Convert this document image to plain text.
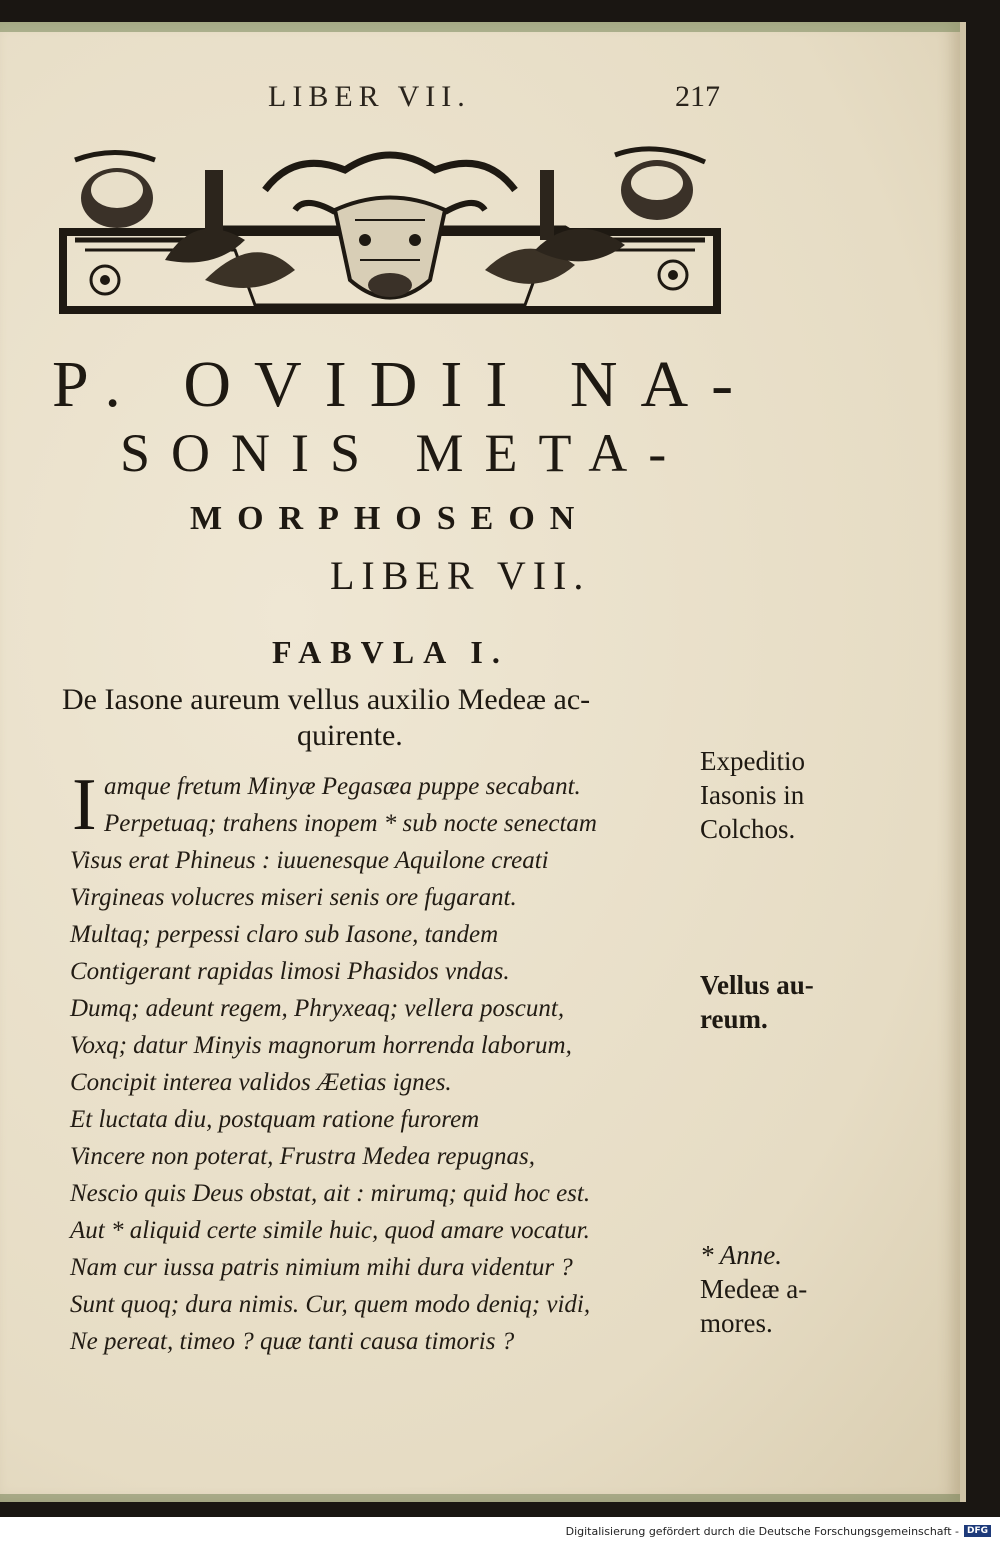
LIBER VII.	217
P. OVIDII NA-
SONIS META-
MORPHOSEON
LIBER VII.
FABVLA I.
De Iasone aureum vellus auxilio Medeæ ac-
quirente.
I amque fretum Minyæ Pegasæa puppe secabant.
Perpetuaq; trahens inopem * sub nocte senectam
Visus erat Phineus : iuuenesque Aquilone creati
Virgineas volucres miseri senis ore fugarant.
Multaq; perpessi claro sub Iasone, tandem
Contigerant rapidas limosi Phasidos vndas.
Dumq; adeunt regem, Phryxeaq; vellera poscunt,
Voxq; datur Minyis magnorum horrenda laborum,
Concipit interea validos Æetias ignes.
Et luctata diu, postquam ratione furorem
Vincere non poterat, Frustra Medea repugnas,
Nescio quis Deus obstat, ait : mirumq; quid hoc est.
Aut * aliquid certe simile huic, quod amare vocatur.
Nam cur iussa patris nimium mihi dura videntur ?
Sunt quoq; dura nimis. Cur, quem modo deniq; vidi,
Ne pereat, timeo ? quæ tanti causa timoris ?
Expeditio
Iasonis in
Colchos.
Vellus au-
reum.
* Anne.
Medeæ a-
mores.
Digitalisierung gefördert durch die Deutsche Forschungsgemeinschaft - DFG
